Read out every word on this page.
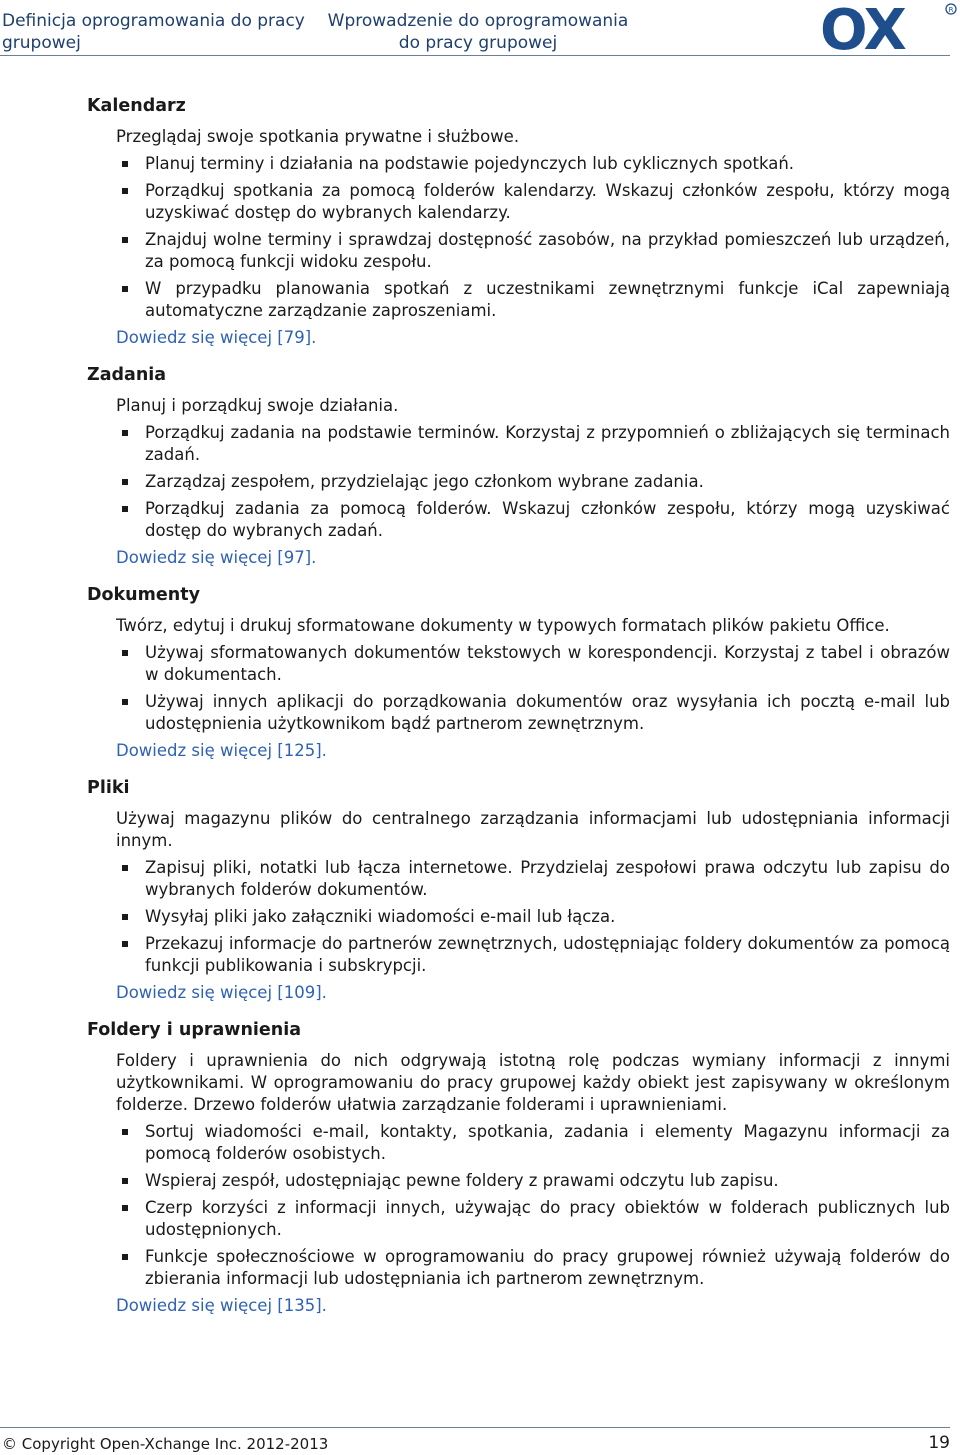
Definicja oprogramowania do pracy grupowej
Wprowadzenie do oprogramowania do pracy grupowej	OX	R
Kalendarz
Przeglądaj swoje spotkania prywatne i służbowe.
Planuj terminy i działania na podstawie pojedynczych lub cyklicznych spotkań.
Porządkuj spotkania za pomocą folderów kalendarzy. Wskazuj członków zespołu, którzy mogą uzyskiwać dostęp do wybranych kalendarzy.
Znajduj wolne terminy i sprawdzaj dostępność zasobów, na przykład pomieszczeń lub urządzeń, za pomocą funkcji widoku zespołu.
W przypadku planowania spotkań z uczestnikami zewnętrznymi funkcje iCal zapewniają automatyczne zarządzanie zaproszeniami.
Dowiedz się więcej [79].
Zadania
Planuj i porządkuj swoje działania.
Porządkuj zadania na podstawie terminów. Korzystaj z przypomnień o zbliżających się terminach zadań.
Zarządzaj zespołem, przydzielając jego członkom wybrane zadania.
Porządkuj zadania za pomocą folderów. Wskazuj członków zespołu, którzy mogą uzyskiwać dostęp do wybranych zadań.
Dowiedz się więcej [97].
Dokumenty
Twórz, edytuj i drukuj sformatowane dokumenty w typowych formatach plików pakietu Office.
Używaj sformatowanych dokumentów tekstowych w korespondencji. Korzystaj z tabel i obrazów w dokumentach.
Używaj innych aplikacji do porządkowania dokumentów oraz wysyłania ich pocztą e-mail lub udostępnienia użytkownikom bądź partnerom zewnętrznym.
Dowiedz się więcej [125].
Pliki
Używaj magazynu plików do centralnego zarządzania informacjami lub udostępniania informacji innym.
Zapisuj pliki, notatki lub łącza internetowe. Przydzielaj zespołowi prawa odczytu lub zapisu do wybranych folderów dokumentów.
Wysyłaj pliki jako załączniki wiadomości e-mail lub łącza.
Przekazuj informacje do partnerów zewnętrznych, udostępniając foldery dokumentów za pomocą funkcji publikowania i subskrypcji.
Dowiedz się więcej [109].
Foldery i uprawnienia
Foldery i uprawnienia do nich odgrywają istotną rolę podczas wymiany informacji z innymi użytkownikami. W oprogramowaniu do pracy grupowej każdy obiekt jest zapisywany w określonym folderze. Drzewo folderów ułatwia zarządzanie folderami i uprawnieniami.
Sortuj wiadomości e-mail, kontakty, spotkania, zadania i elementy Magazynu informacji za pomocą folderów osobistych.
Wspieraj zespół, udostępniając pewne foldery z prawami odczytu lub zapisu.
Czerp korzyści z informacji innych, używając do pracy obiektów w folderach publicznych lub udostępnionych.
Funkcje społecznościowe w oprogramowaniu do pracy grupowej również używają folderów do zbierania informacji lub udostępniania ich partnerom zewnętrznym.
Dowiedz się więcej [135].
© Copyright Open-Xchange Inc. 2012-2013	19
